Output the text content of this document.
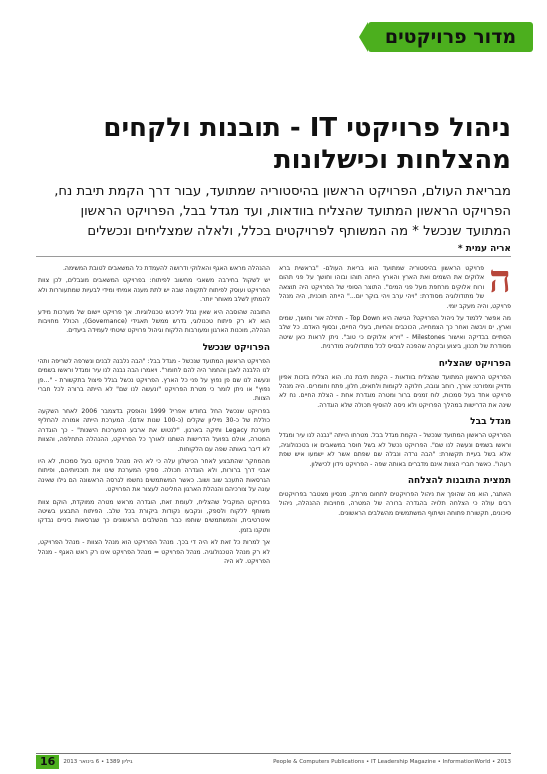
מדור פרויקטים
ניהול פרויקטי IT - תובנות ולקחים מהצלחות וכישלונות
מבריאת העולם, הפרויקט הראשון בהיסטוריה שמתועד, עבור דרך הקמת תיבת נח, הפרויקט הראשון המתועד שהצליח בוודאות, ועד מגדל בבל, הפרויקט הראשון המתועד שנכשל * מה המשותף לפרויקטים בכלל, ולאלה שמצליחים ונכשלים
אריה עמית *

ה
פרויקט הראשון בהיסטוריה שמתועד הוא בריאת העולם- "בראשית ברא אלוקים את השמים ואת הארץ והארץ הייתה תוהו ובוהו וחושך על פני תהום ורוח אלוקים מרחפת מעל פני המים". התוצר הסופי של הפרויקט היה תוצאה של מתודולוגיה מסודרת: "ויהי ערב ויהי בוקר יום..." הייתה תוכנית, היה מנהל פרויקט, והיה מעקב יומי.

מה אפשר ללמוד על ניהול הפרויקט? הגישה היא Top Down - תחילה אור וחושך, שמים וארץ, ים ויבשה ואחר כך הצמחייה, הכוכבים והחיות, בעלי החיים, ובסוף האדם. כל שלב הסתיים בבדיקה ואישור Milestones - "וירא אלוקים כי טוב". ניתן לראות כאן שיטה מסודרת של תכנון, ביצוע ובקרה שהפכה לבסיס לכל מתודולוגיה מודרנית.

הפרויקט שהצליח

הפרויקט הראשון המתועד שהצליח בוודאות - הקמת תיבת נח. הוא הצליח בזכות אפיון מדויק ומפורט: אורך, רוחב וגובה, חלוקה לקומות ולתאים, חלון, פתח וחומרים. היה מנהל פרויקט אחד בעל סמכות, לוח זמנים ברור ומטרה מוגדרת אחת - הצלת החיים. נח לא שינה את הדרישות במהלך הפרויקט ולא ניסה להוסיף תכולה שלא הוגדרה.

מגדל בבל

הפרויקט הראשון המתועד שנכשל - הקמת מגדל בבל. מטרתו הייתה "נבנה לנו עיר ומגדל וראשו בשמים ונעשה לנו שם". הפרויקט נכשל לא בשל חוסר במשאבים או בטכנולוגיה, אלא בשל בעיית תקשורת: "הבה נרדה ונבלה שם שפתם אשר לא ישמעו איש שפת רעהו". כאשר חברי הצוות אינם מדברים באותה שפה - הפרויקט נידון לכישלון.

תמצית התובנות להצלחה

האתגר, הוא מה שהופך את ניהול הפרויקטים לתחום מרתק. מנסיון מצטבר בפרויקטים רבים עולה כי הצלחה תלויה בהגדרה ברורה של המטרה, מחויבות ההנהלה, ניהול סיכונים, תקשורת פתוחה ושיתוף המשתמשים מהשלבים הראשונים.

ההנהלה מראש האגף והאלוקי ודרושה להעמדת כל המשאבים לטובת המשימה.

יש לשקול בחירבה משאבי מחשוב לפיתוח: בפרויקט המשאבים מוגבלים, לכן צוות הפרויקט ועוסק לפיתוח לתקופה שבה יש לתת מענה אמיתי ומידי לבעיות שמתעוררות ולא להמתין לשלב מאוחר יותר.

התובנה שהוסבה היא שאין נגזל לירכוש טכנולוגיות. אך פרויקט יישום של מערכות מידע הוא לא רק פיתוח טכנולוגי, גדרש ממשל תאגידי (Governance), הכולל מחויבות הנהלה, מוכנות הארגון ומעורבות הלקוח וגיהול פרויקט שיטתי לעמידה ביעדים.

הפרויקט שנכשל

הפרויקט הראשון המתועד שנכשל - מגדל בבל: "הבה נלבנה לבנים ונשרפה לשריפה ותהי לנו הלבנה לאבן והחמר היה להם לחומר". ויאמרו הבה נבנה לנו עיר ומגדל וראשו בשמים ונעשה לנו שם פן נפוץ על פני כל הארץ. הפרויקט נכשל בגלל פיצול בתקשורת - "...פן נפוץ" או ניתן לומר כי מטרת הפרויקט "ונעשה לנו שם" לא הייתה ברורה לכל חברי הצוות.

בפרויקט שנכשל החל בחודש אפריל 1999 והופסק בדצמבר 2006 לאחר השקעה כוללת של כ-30 מיליון שקלים (כ-100 שנות אדם). המערכת הייתה אמורה להחליף מערכת Legacy ותיקה בארגון. "לנטוש את ארבע המערכות הישנות" - כך הוגדרה המטרה, אולם בפועל הדרישות השתנו לאורך כל הפרויקט, ההנהלה התחלפה, והצוות לא דיבר באותה שפה עם הלקוחות.

מהמחקר שהתבצע לאחר הכישלון עלה כי לא היה מנהל פרויקט בעל סמכות, לא היו אבני דרך ברורות, ולא הוגדרה תכולה. ספקי המערכת שינו את תוכניותיהם, ופיתוח הגרסאות התעכב שוב ושוב. כאשר המשתמשים נחשפו לגרסה הראשונה הם גילו שאינה עונה על צורכיהם והנהלת הארגון החליטה לעצור את הפרויקט.

בפרויקט המקביל שהצליח, לעומת זאת, הוגדרה מראש מטרה ממוקדת, הוקם צוות משותף ללקוח ולספק, ונקבעו נקודות ביקורת בכל שלב. הפיתוח התבצע בשיטה איטרטיבית, והמשתמשים שותפו כבר מהשלבים הראשונים כך שגרסאות ביניים נבדקו ותוקנו בזמן.

אך למרות כל זאת לא היה די בכך. מנהל הפרויקט הוא מנהל הצוות - מנהל הפרויקט, לא רק מנהל הטכנולוגיה. מנהל הפרויקט = מנהל הפרויקט אינו רק ראש האגף - מנהל הפרויקט. לא היה

16	גיליון 1389 • 6 בינואר 2013	People & Computers Publications • IT Leadership Magazine • InformationWorld • 2013
